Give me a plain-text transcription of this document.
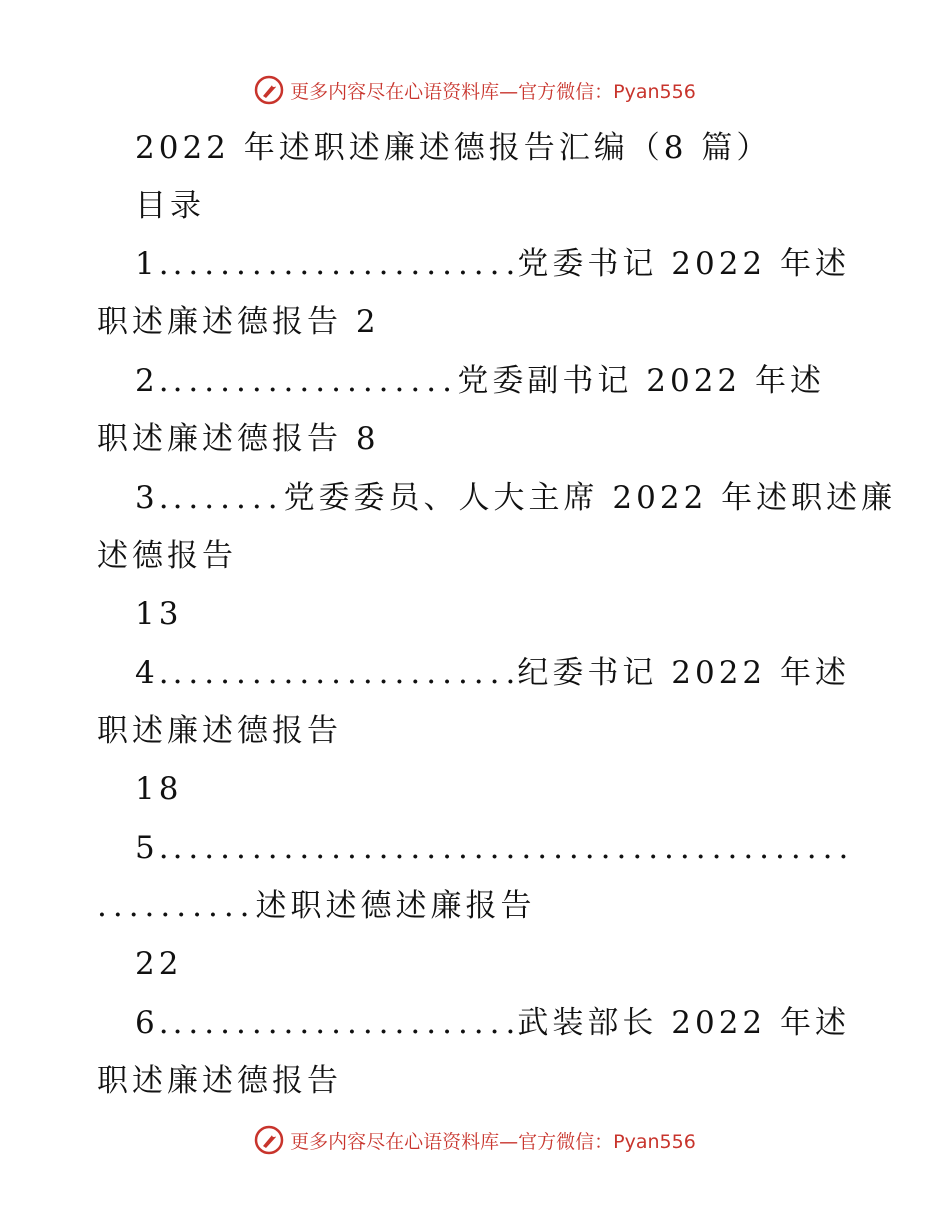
更多内容尽在心语资料库—官方微信：Pyan556
2022 年述职述廉述德报告汇编（8 篇）
目录
1. .....	党委书记 2022 年述
职述廉述德报告 2
2. .....	党委副书记 2022 年述
职述廉述德报告 8
3. ....... 党委委员、人大主席 2022 年述职述廉
述德报告
13
4. .....	纪委书记 2022 年述
职述廉述德报告
18
5.
.....
.......... 述职述德述廉报告
22
6. .....	武装部长 2022 年述
职述廉述德报告
更多内容尽在心语资料库—官方微信：Pyan556
